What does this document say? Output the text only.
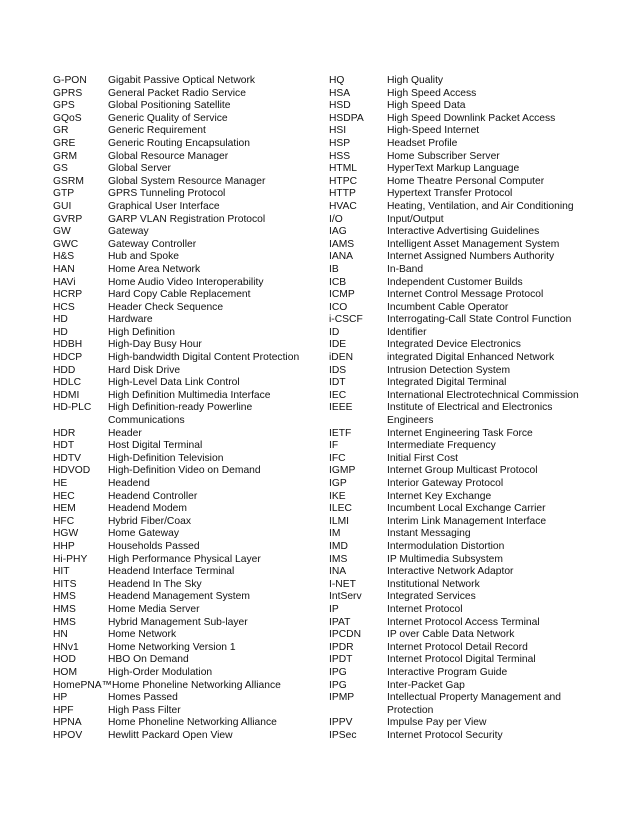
G-PON	Gigabit Passive Optical Network
GPRS	General Packet Radio Service
GPS	Global Positioning Satellite
GQoS	Generic Quality of Service
GR	Generic Requirement
GRE	Generic Routing Encapsulation
GRM	Global Resource Manager
GS	Global Server
GSRM	Global System Resource Manager
GTP	GPRS Tunneling Protocol
GUI	Graphical User Interface
GVRP	GARP VLAN Registration Protocol
GW	Gateway
GWC	Gateway Controller
H&S	Hub and Spoke
HAN	Home Area Network
HAVi	Home Audio Video Interoperability
HCRP	Hard Copy Cable Replacement
HCS	Header Check Sequence
HD	Hardware
HD	High Definition
HDBH	High-Day Busy Hour
HDCP	High-bandwidth Digital Content Protection
HDD	Hard Disk Drive
HDLC	High-Level Data Link Control
HDMI	High Definition Multimedia Interface
HD-PLC	High Definition-ready Powerline Communications
HDR	Header
HDT	Host Digital Terminal
HDTV	High-Definition Television
HDVOD	High-Definition Video on Demand
HE	Headend
HEC	Headend Controller
HEM	Headend Modem
HFC	Hybrid Fiber/Coax
HGW	Home Gateway
HHP	Households Passed
Hi-PHY	High Performance Physical Layer
HIT	Headend Interface Terminal
HITS	Headend In The Sky
HMS	Headend Management System
HMS	Home Media Server
HMS	Hybrid Management Sub-layer
HN	Home Network
HNv1	Home Networking Version 1
HOD	HBO On Demand
HOM	High-Order Modulation
HomePNA™ Home Phoneline Networking Alliance
HP	Homes Passed
HPF	High Pass Filter
HPNA	Home Phoneline Networking Alliance
HPOV	Hewlitt Packard Open View
HQ	High Quality
HSA	High Speed Access
HSD	High Speed Data
HSDPA	High Speed Downlink Packet Access
HSI	High-Speed Internet
HSP	Headset Profile
HSS	Home Subscriber Server
HTML	HyperText Markup Language
HTPC	Home Theatre Personal Computer
HTTP	Hypertext Transfer Protocol
HVAC	Heating, Ventilation, and Air Conditioning
I/O	Input/Output
IAG	Interactive Advertising Guidelines
IAMS	Intelligent Asset Management System
IANA	Internet Assigned Numbers Authority
IB	In-Band
ICB	Independent Customer Builds
ICMP	Internet Control Message Protocol
ICO	Incumbent Cable Operator
i-CSCF	Interrogating-Call State Control Function
ID	Identifier
IDE	Integrated Device Electronics
iDEN	integrated Digital Enhanced Network
IDS	Intrusion Detection System
IDT	Integrated Digital Terminal
IEC	International Electrotechnical Commission
IEEE	Institute of Electrical and Electronics Engineers
IETF	Internet Engineering Task Force
IF	Intermediate Frequency
IFC	Initial First Cost
IGMP	Internet Group Multicast Protocol
IGP	Interior Gateway Protocol
IKE	Internet Key Exchange
ILEC	Incumbent Local Exchange Carrier
ILMI	Interim Link Management Interface
IM	Instant Messaging
IMD	Intermodulation Distortion
IMS	IP Multimedia Subsystem
INA	Interactive Network Adaptor
I-NET	Institutional Network
IntServ	Integrated Services
IP	Internet Protocol
IPAT	Internet Protocol Access Terminal
IPCDN	IP over Cable Data Network
IPDR	Internet Protocol Detail Record
IPDT	Internet Protocol Digital Terminal
IPG	Interactive Program Guide
IPG	Inter-Packet Gap
IPMP	Intellectual Property Management and Protection
IPPV	Impulse Pay per View
IPSec	Internet Protocol Security
